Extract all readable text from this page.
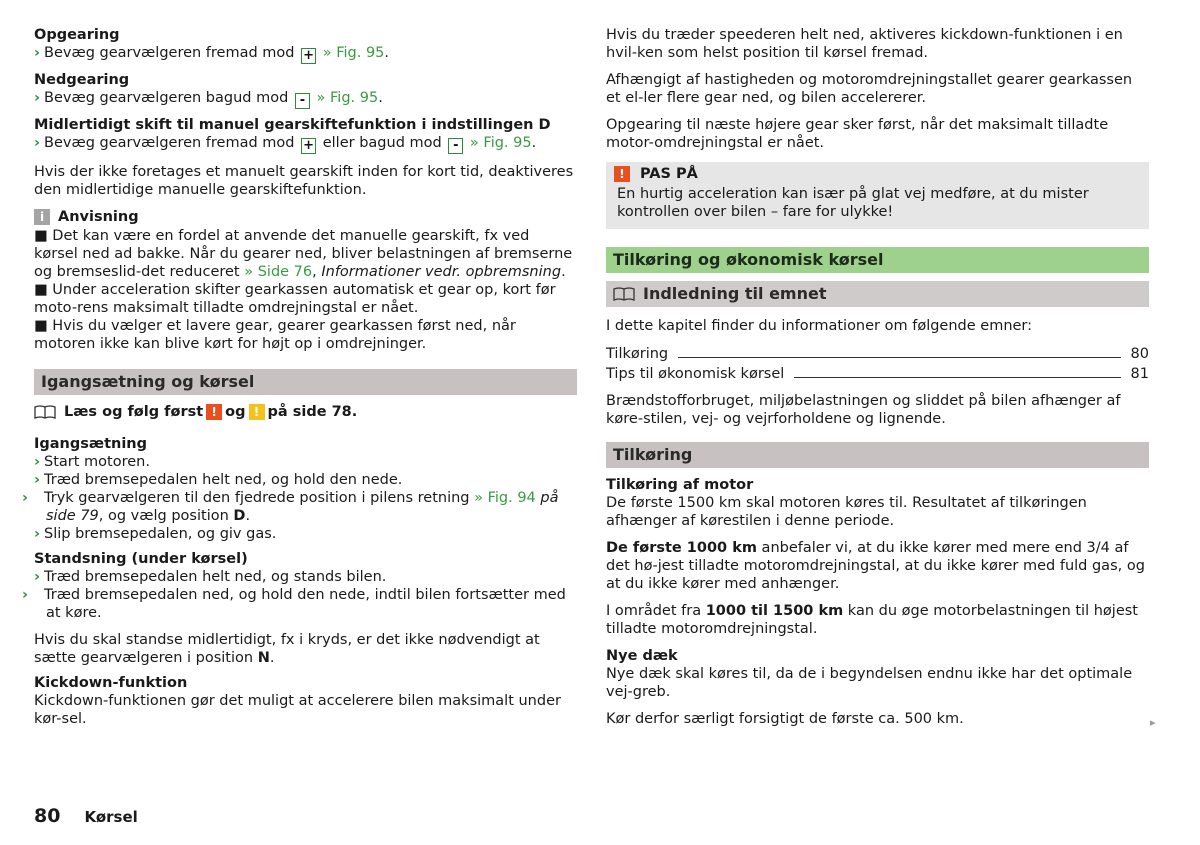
Opgearing

› Bevæg gearvælgeren fremad mod + » Fig. 95.

Nedgearing

› Bevæg gearvælgeren bagud mod - » Fig. 95.

Midlertidigt skift til manuel gearskiftefunktion i indstillingen D

› Bevæg gearvælgeren fremad mod + eller bagud mod - » Fig. 95.

Hvis der ikke foretages et manuelt gearskift inden for kort tid, deaktiveres den midlertidige manuelle gearskiftefunktion.

i Anvisning

■ Det kan være en fordel at anvende det manuelle gearskift, fx ved kørsel ned ad bakke. Når du gearer ned, bliver belastningen af bremserne og bremseslid-det reduceret » Side 76, Informationer vedr. opbremsning.

■ Under acceleration skifter gearkassen automatisk et gear op, kort før moto-rens maksimalt tilladte omdrejningstal er nået.

■ Hvis du vælger et lavere gear, gearer gearkassen først ned, når motoren ikke kan blive kørt for højt op i omdrejninger.

Igangsætning og kørsel

Læs og følg først ! og ! på side 78.

Igangsætning

› Start motoren.

› Træd bremsepedalen helt ned, og hold den nede.

› Tryk gearvælgeren til den fjedrede position i pilens retning » Fig. 94 på side 79, og vælg position D.

› Slip bremsepedalen, og giv gas.

Standsning (under kørsel)

› Træd bremsepedalen helt ned, og stands bilen.

› Træd bremsepedalen ned, og hold den nede, indtil bilen fortsætter med at køre.

Hvis du skal standse midlertidigt, fx i kryds, er det ikke nødvendigt at sætte gearvælgeren i position N.

Kickdown-funktion

Kickdown-funktionen gør det muligt at accelerere bilen maksimalt under kør-sel.

Hvis du træder speederen helt ned, aktiveres kickdown-funktionen i en hvil-ken som helst position til kørsel fremad.

Afhængigt af hastigheden og motoromdrejningstallet gearer gearkassen et el-ler flere gear ned, og bilen accelererer.

Opgearing til næste højere gear sker først, når det maksimalt tilladte motor-omdrejningstal er nået.

!	PAS PÅ

En hurtig acceleration kan især på glat vej medføre, at du mister kontrollen over bilen – fare for ulykke!

Tilkøring og økonomisk kørsel
Indledning til emnet

I dette kapitel finder du informationer om følgende emner:

Tilkøring	80
Tips til økonomisk kørsel	81

Brændstofforbruget, miljøbelastningen og sliddet på bilen afhænger af køre-stilen, vej- og vejrforholdene og lignende.

Tilkøring

Tilkøring af motor

De første 1500 km skal motoren køres til. Resultatet af tilkøringen afhænger af kørestilen i denne periode.

De første 1000 km anbefaler vi, at du ikke kører med mere end 3/4 af det hø-jest tilladte motoromdrejningstal, at du ikke kører med fuld gas, og at du ikke kører med anhænger.

I området fra 1000 til 1500 km kan du øge motorbelastningen til højest tilladte motoromdrejningstal.

Nye dæk

Nye dæk skal køres til, da de i begyndelsen endnu ikke har det optimale vej-greb.

Kør derfor særligt forsigtigt de første ca. 500 km.	▸
80 Kørsel
